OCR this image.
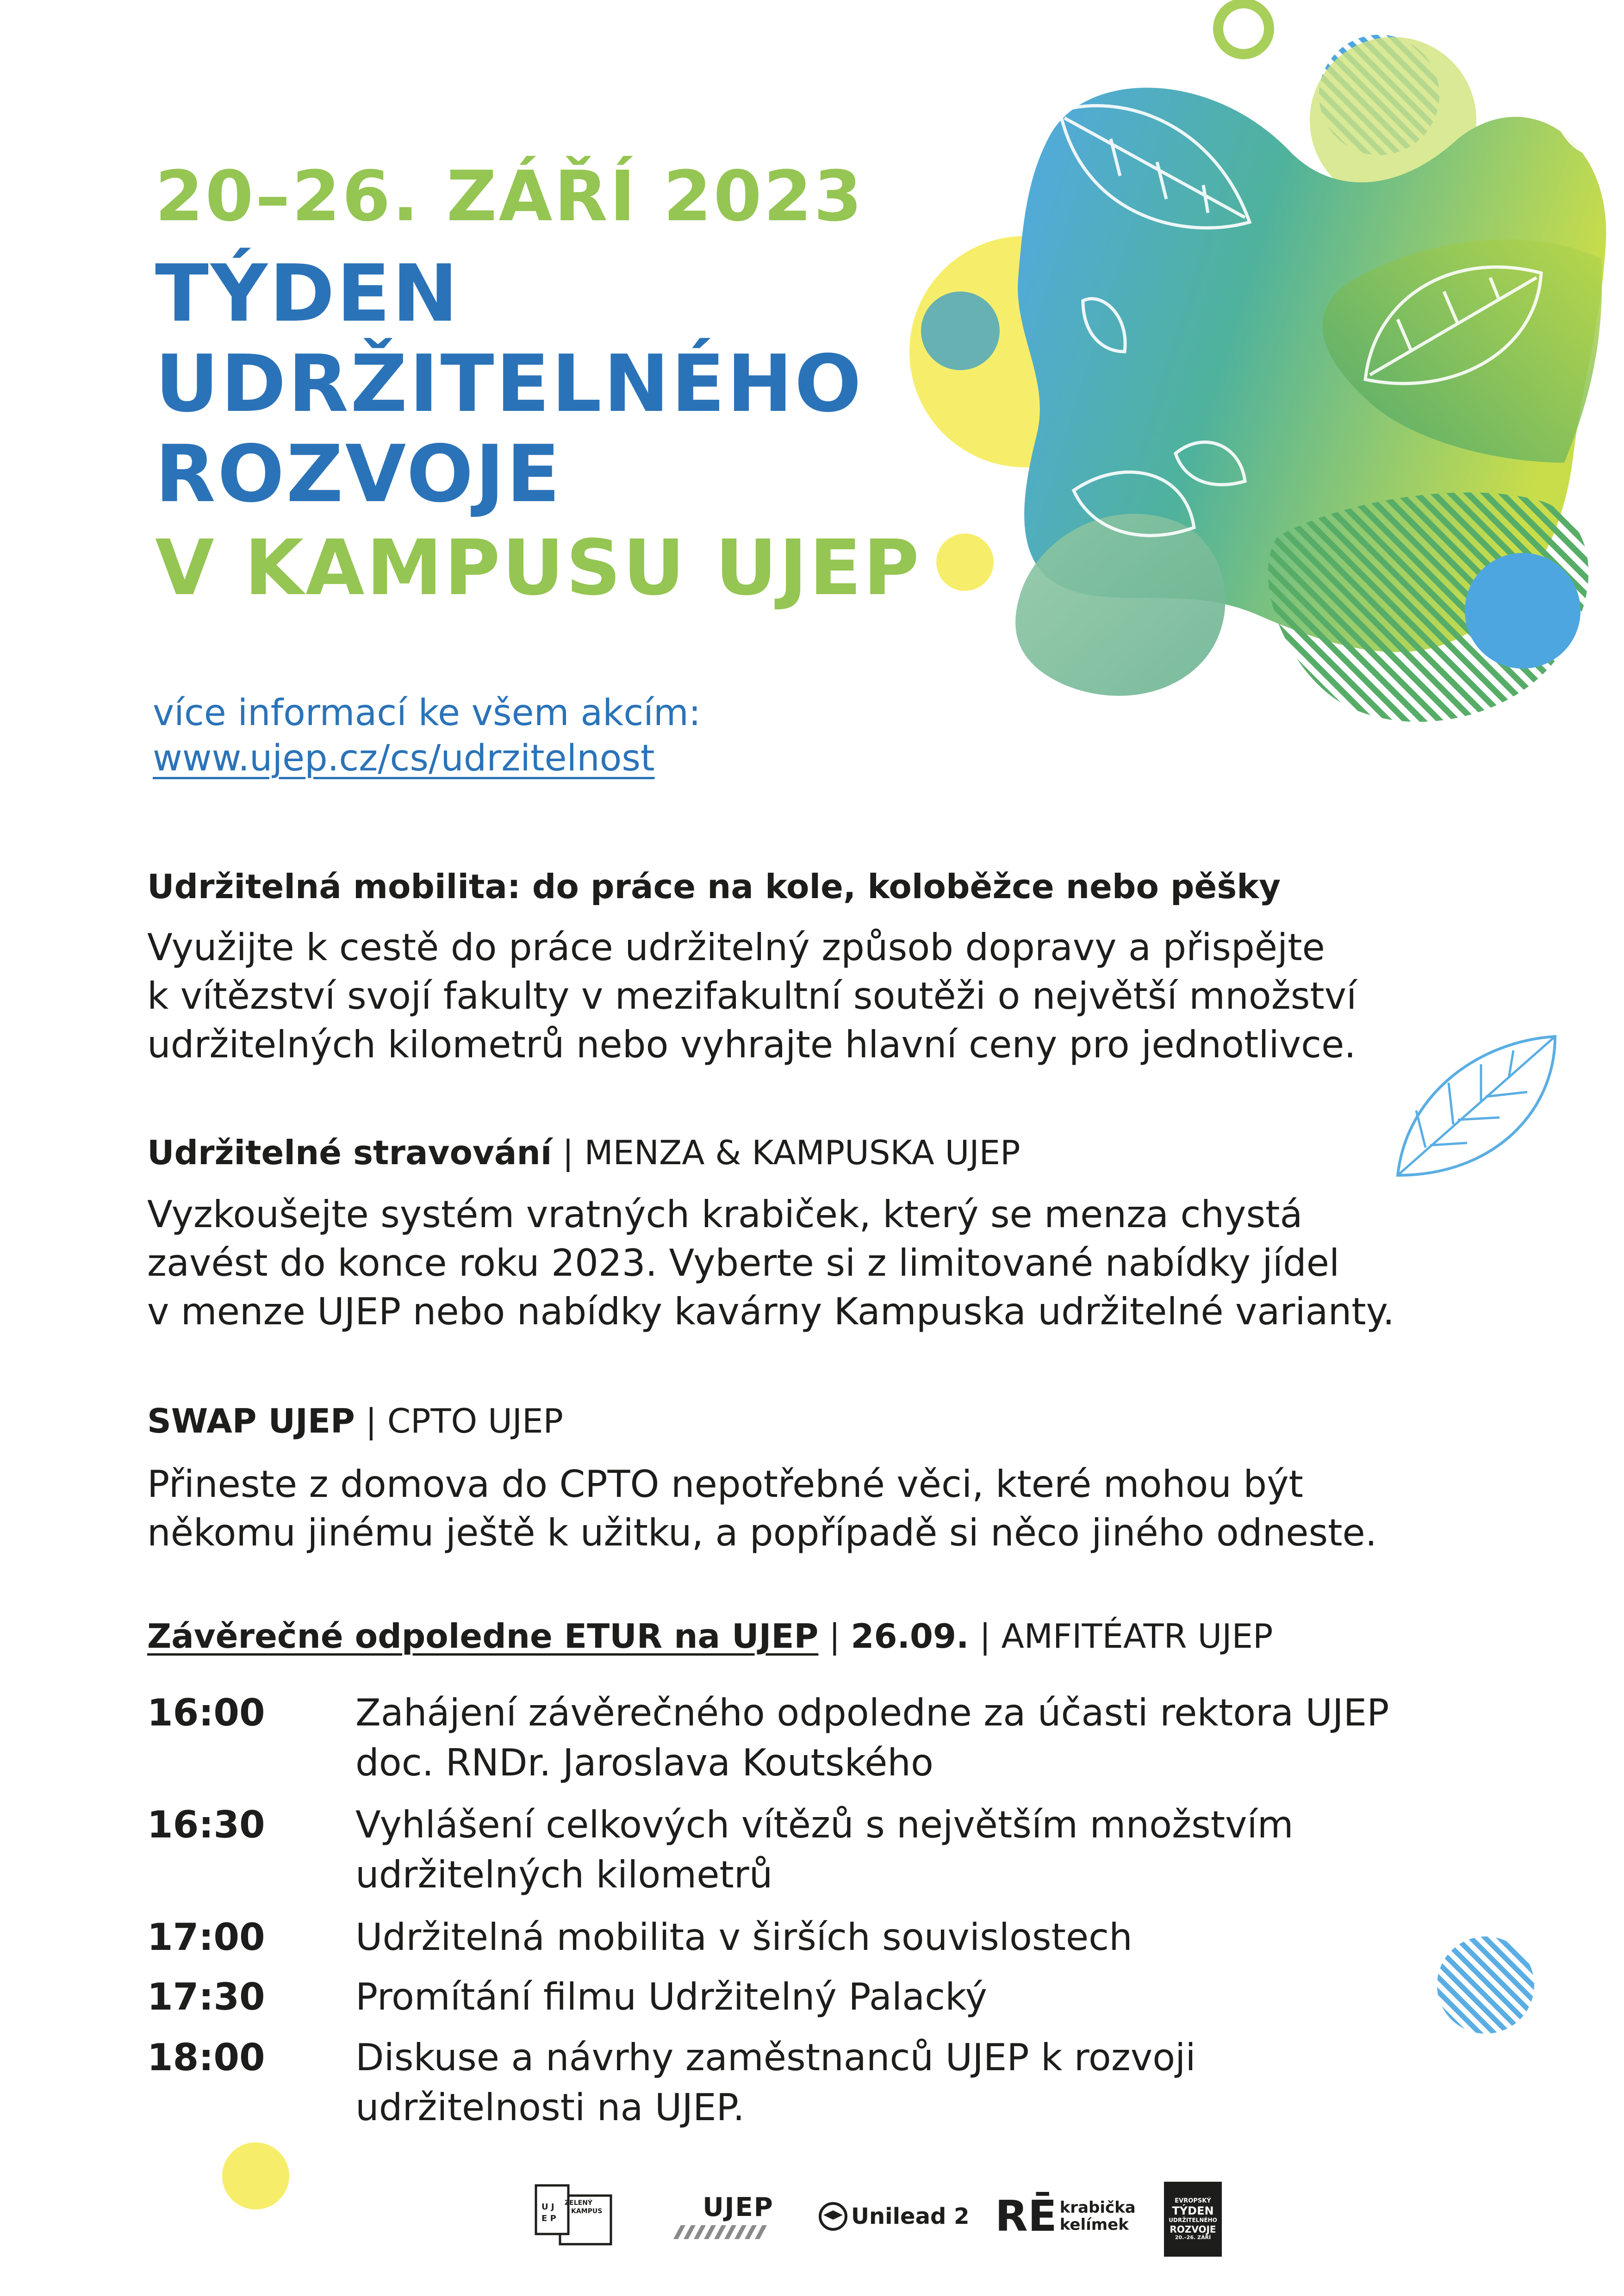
20–26. ZÁŘÍ 2023
TÝDEN
UDRŽITELNÉHO
ROZVOJE
V KAMPUSU UJEP
více informací ke všem akcím:
www.ujep.cz/cs/udrzitelnost
Udržitelná mobilita: do práce na kole, koloběžce nebo pěšky
Využijte k cestě do práce udržitelný způsob dopravy a přispějte
k vítězství svojí fakulty v mezifakultní soutěži o největší množství
udržitelných kilometrů nebo vyhrajte hlavní ceny pro jednotlivce.
Udržitelné stravování | MENZA & KAMPUSKA UJEP
Vyzkoušejte systém vratných krabiček, který se menza chystá
zavést do konce roku 2023. Vyberte si z limitované nabídky jídel
v menze UJEP nebo nabídky kavárny Kampuska udržitelné varianty.
SWAP UJEP | CPTO UJEP
Přineste z domova do CPTO nepotřebné věci, které mohou být
někomu jinému ještě k užitku, a popřípadě si něco jiného odneste.
Závěrečné odpoledne ETUR na UJEP | 26.09. | AMFITÉATR UJEP
16:00 Zahájení závěrečného odpoledne za účasti rektora UJEP
doc. RNDr. Jaroslava Koutského
16:30 Vyhlášení celkových vítězů s největším množstvím
udržitelných kilometrů
17:00 Udržitelná mobilita v širších souvislostech
17:30 Promítání filmu Udržitelný Palacký
18:00 Diskuse a návrhy zaměstnanců UJEP k rozvoji
udržitelnosti na UJEP.
ZELENÝ
KAMPUS
U J
E P	UJEP	Unilead 2 RĒ krabička
kelímek
EVROPSKÝ
TÝDEN
UDRŽITELNÉHO
ROZVOJE
20.–26. ZÁŘÍ
